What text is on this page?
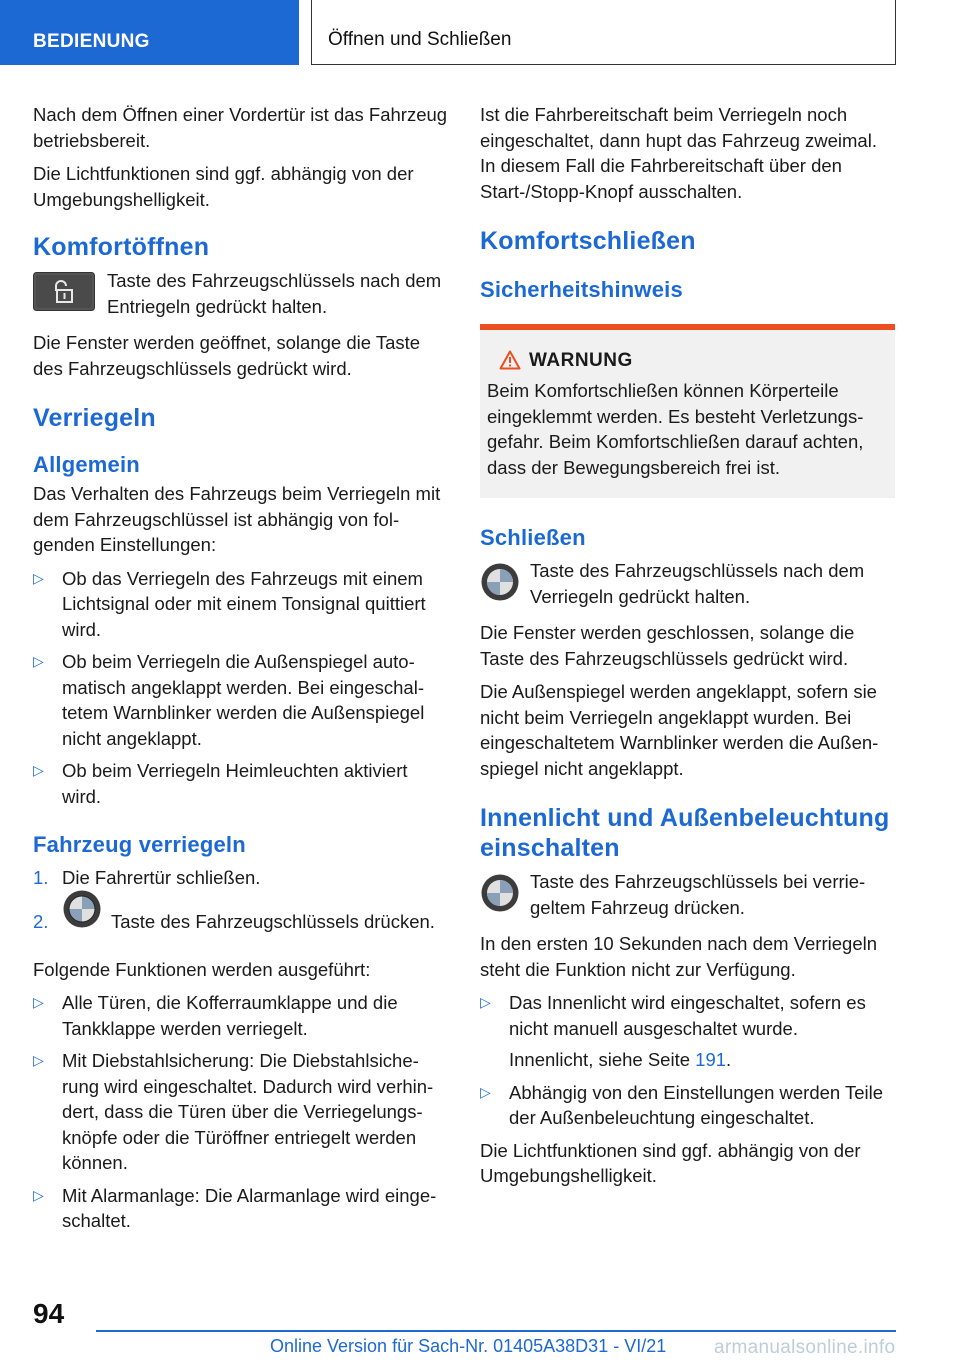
BEDIENUNG	Öffnen und Schließen

Nach dem Öffnen einer Vordertür ist das Fahrzeug betriebsbereit.

Die Lichtfunktionen sind ggf. abhängig von der Umgebungshelligkeit.

Komfortöffnen
Taste des Fahrzeugschlüssels nach dem Entriegeln gedrückt halten.

Die Fenster werden geöffnet, solange die Taste des Fahrzeugschlüssels gedrückt wird.

Verriegeln
Allgemein

Das Verhalten des Fahrzeugs beim Verriegeln mit dem Fahrzeugschlüssel ist abhängig von folgenden Einstellungen:

▷ Ob das Verriegeln des Fahrzeugs mit einem Lichtsignal oder mit einem Tonsignal quittiert wird.
▷ Ob beim Verriegeln die Außenspiegel automatisch angeklappt werden. Bei eingeschaltetem Warnblinker werden die Außenspiegel nicht angeklappt.
▷ Ob beim Verriegeln Heimleuchten aktiviert wird.
Fahrzeug verriegeln
1. Die Fahrertür schließen.
2.	Taste des Fahrzeugschlüssels drücken.

Folgende Funktionen werden ausgeführt:

▷ Alle Türen, die Kofferraumklappe und die Tankklappe werden verriegelt.
▷ Mit Diebstahlsicherung: Die Diebstahlsicherung wird eingeschaltet. Dadurch wird verhindert, dass die Türen über die Verriegelungsknöpfe oder die Türöffner entriegelt werden können.
▷ Mit Alarmanlage: Die Alarmanlage wird eingeschaltet.

Ist die Fahrbereitschaft beim Verriegeln noch eingeschaltet, dann hupt das Fahrzeug zweimal. In diesem Fall die Fahrbereitschaft über den Start-/Stopp-Knopf ausschalten.

Komfortschließen
Sicherheitshinweis
WARNUNG
Beim Komfortschließen können Körperteile eingeklemmt werden. Es besteht Verletzungsgefahr. Beim Komfortschließen darauf achten, dass der Bewegungsbereich frei ist.
Schließen
Taste des Fahrzeugschlüssels nach dem Verriegeln gedrückt halten.

Die Fenster werden geschlossen, solange die Taste des Fahrzeugschlüssels gedrückt wird.

Die Außenspiegel werden angeklappt, sofern sie nicht beim Verriegeln angeklappt wurden. Bei eingeschaltetem Warnblinker werden die Außenspiegel nicht angeklappt.

Innenlicht und Außenbeleuchtung einschalten
Taste des Fahrzeugschlüssels bei verriegeltem Fahrzeug drücken.

In den ersten 10 Sekunden nach dem Verriegeln steht die Funktion nicht zur Verfügung.

▷ Das Innenlicht wird eingeschaltet, sofern es nicht manuell ausgeschaltet wurde.
Innenlicht, siehe Seite 191.
▷ Abhängig von den Einstellungen werden Teile der Außenbeleuchtung eingeschaltet.

Die Lichtfunktionen sind ggf. abhängig von der Umgebungshelligkeit.

94
Online Version für Sach-Nr. 01405A38D31 - VI/21	armanualsonline.info
